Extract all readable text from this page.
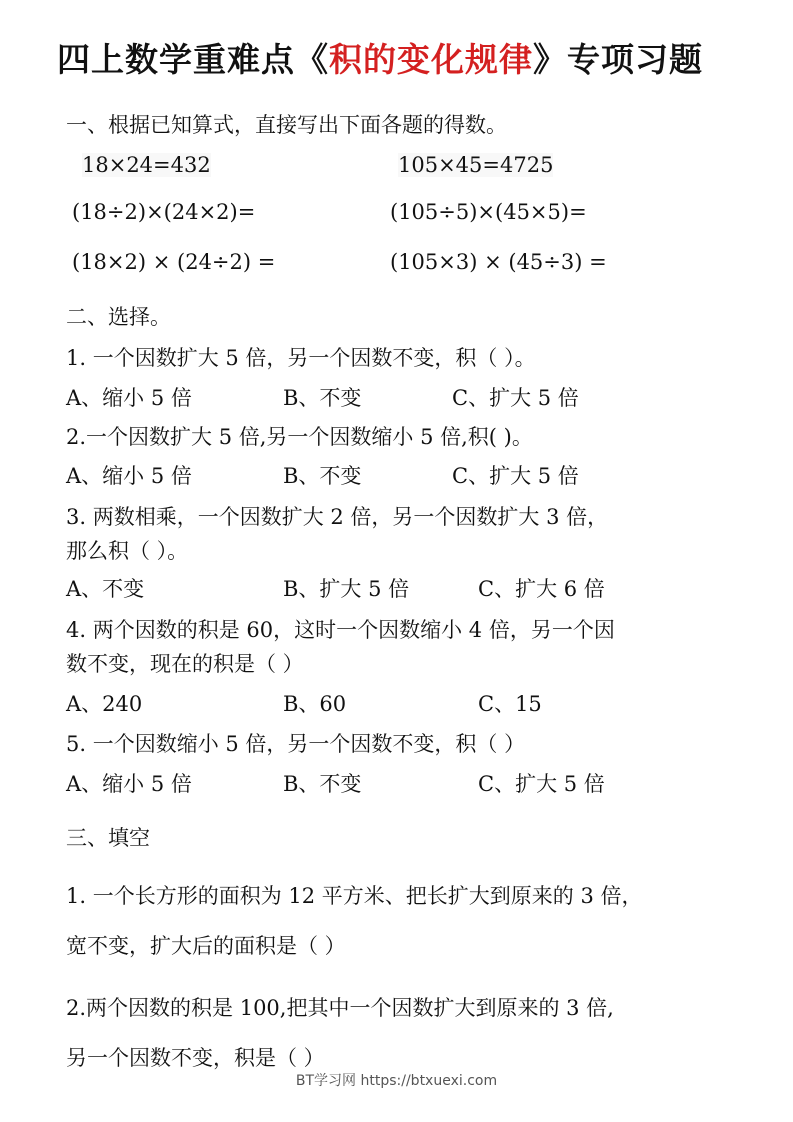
四上数学重难点《积的变化规律》专项习题
一、根据已知算式，直接写出下面各题的得数。
18×24=432	105×45=4725
(18÷2)×(24×2)=	(105÷5)×(45×5)=
(18×2) × (24÷2) =	(105×3) × (45÷3) =
二、选择。
1. 一个因数扩大 5 倍，另一个因数不变，积（ ）。
A、缩小 5 倍	B、不变	C、扩大 5 倍
2.一个因数扩大 5 倍,另一个因数缩小 5 倍,积( )。
A、缩小 5 倍	B、不变	C、扩大 5 倍
3. 两数相乘，一个因数扩大 2 倍，另一个因数扩大 3 倍，
那么积（ ）。
A、不变	B、扩大 5 倍	C、扩大 6 倍
4. 两个因数的积是 60，这时一个因数缩小 4 倍，另一个因
数不变，现在的积是（ ）
A、240	B、60	C、15
5. 一个因数缩小 5 倍，另一个因数不变，积（ ）
A、缩小 5 倍	B、不变	C、扩大 5 倍
三、填空
1. 一个长方形的面积为 12 平方米、把长扩大到原来的 3 倍，
宽不变，扩大后的面积是（ ）
2.两个因数的积是 100,把其中一个因数扩大到原来的 3 倍,
另一个因数不变，积是（ ）
BT学习网 https://btxuexi.com
